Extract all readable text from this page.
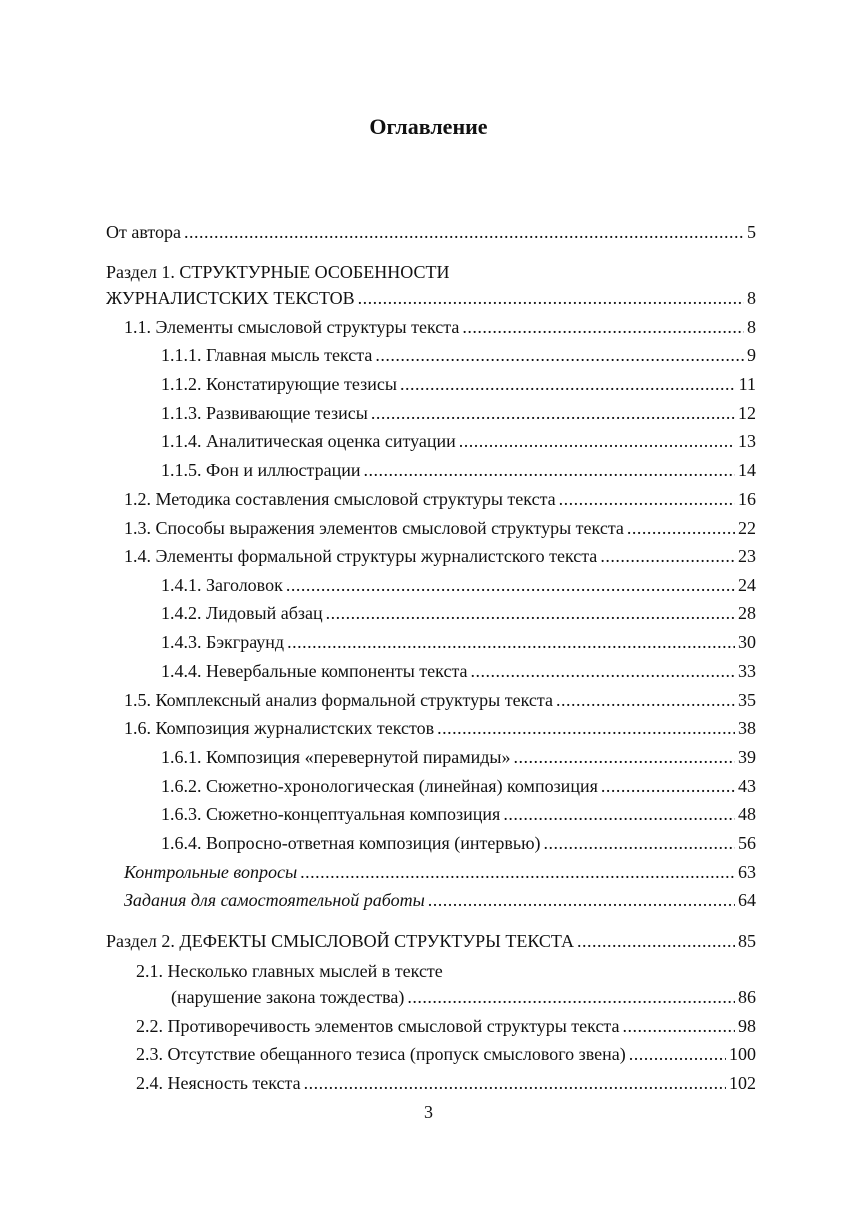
Оглавление
От автора .....	5
Раздел 1. СТРУКТУРНЫЕ ОСОБЕННОСТИ
ЖУРНАЛИСТСКИХ ТЕКСТОВ .....	8
1.1. Элементы смысловой структуры текста .....	8
1.1.1. Главная мысль текста .....	9
1.1.2. Констатирующие тезисы .....	11
1.1.3. Развивающие тезисы .....	12
1.1.4. Аналитическая оценка ситуации .....	13
1.1.5. Фон и иллюстрации .....	14
1.2. Методика составления смысловой структуры текста .....	16
1.3. Способы выражения элементов смысловой структуры текста .....	22
1.4. Элементы формальной структуры журналистского текста .....	23
1.4.1. Заголовок .....	24
1.4.2. Лидовый абзац .....	28
1.4.3. Бэкграунд .....	30
1.4.4. Невербальные компоненты текста .....	33
1.5. Комплексный анализ формальной структуры текста .....	35
1.6. Композиция журналистских текстов .....	38
1.6.1. Композиция «перевернутой пирамиды» .....	39
1.6.2. Сюжетно-хронологическая (линейная) композиция .....	43
1.6.3. Сюжетно-концептуальная композиция .....	48
1.6.4. Вопросно-ответная композиция (интервью) .....	56
Контрольные вопросы .....	63
Задания для самостоятельной работы .....	64
Раздел 2. ДЕФЕКТЫ СМЫСЛОВОЙ СТРУКТУРЫ ТЕКСТА .....	85
2.1. Несколько главных мыслей в тексте
(нарушение закона тождества) .....	86
2.2. Противоречивость элементов смысловой структуры текста .....	98
2.3. Отсутствие обещанного тезиса (пропуск смыслового звена) .....	100
2.4. Неясность текста .....	102
3
